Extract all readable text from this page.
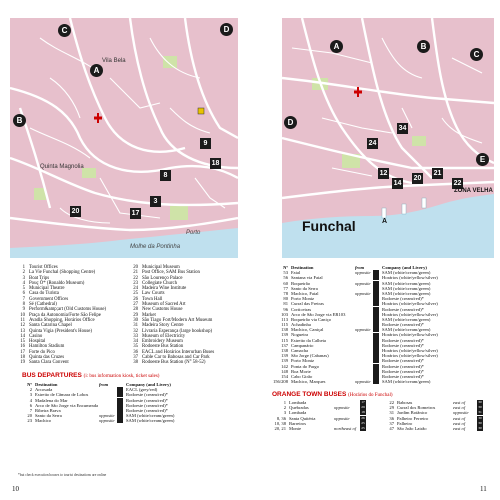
A
B
C	D
3
8
9
17
18
20
Vila Bela
Quinta Magnolia
Porto
Molhe da Pontinha
1 Tourist Offices
2 La Vie Funchal (Shopping Centre)
3 Boat Trips
4 Pouç Ó* (Ronaldo Museum)
5 Municipal Theatre
6 Casa do Turista
7 Government Offices
8 Sé (Cathedral)
9 Perform&amp;art (Old Customs House)
10 Praça da Autonomia/Forte São Felipe
11 Avadla Shopping, Horários Office
12 Santa Catarina Chapel
13 Quinta Vigia (President's House)
14 Casino
15 Hospital
16 Hamilton Stadium
17 Forte do Pico
18 Quinta das Cruzes
19 Santa Clara Convent
20 Municipal Museum
21 Post Office, SAM Bus Station
22 São Lourenço Palace
23 Collegiate Church
24 Madeira Wine Institute
25 Law Courts
26 Town Hall
27 Museum of Sacred Art
28 New Customs House
29 Market
30 São Tiago Fort/Modern Art Museum
31 Madeira Story Centre
32 Livraria Esperança (large bookshop)
33 Museum of Electricity
34 Embroidery Museum
35 Rodoeste Bus Station
36 EACL and Horários Interurban Buses
37 Cable Car to Babosas and Car Park
38 Rodoeste Bus Station (N° 58-52)
BUS DEPARTURES (i: bus information kiosk, ticket sales)
Nº Destination	from	Company (and Livery)
2 Arcosada	EACL (grey/red)
3 Estreito de Câmara de Lobos	Rodoeste (cream/red)*
4 Madalena do Mar	Rodoeste (cream/red)*
6 Arco de São Jorge via Encumeada	Rodoeste (cream/red)*
7 Ribeira Brava	Rodoeste (cream/red)*
20 Santo da Serra	opposite	SAM (white/cream/green)
23 Machico	opposite	SAM (white/cream/green)
*but check execution houses to tourist destinations are online
10
A	B
C
D
E
12
14
20
21
22
24
34
Funchal
ZONA VELHA
A
Nº Destination	from	Company (and Livery)
53 Faial	opposite	SAM (white/cream/green)
56 Santana via Faial	Horários (white/yellow/silver)
60 Boqueirão	opposite	SAM (white/cream/green)
77 Santo da Serra	SAM (white/cream/green)
78 Machico, Faial	opposite	SAM (white/cream/green)
80 Porto Moniz	Rodoeste (cream/red)*
81 Curral das Freiras	Horários (white/yellow/silver)
96 Corticeiras	Rodoeste (cream/red)*
103 Arco de São Jorge via ER103	Horários (white/yellow/silver)
113 Boqueirão via Caniço	SAM (white/cream/green)
115 Achadinha	Rodoeste (cream/red)*
138 Machico, Caniçal	opposite	SAM (white/cream/green)
139 Nogueira	Horários (white/yellow/silver)
115 Estreito da Calheta	Rodoeste (cream/red)*
137 Campanário	Rodoeste (cream/red)*
138 Camacha	Horários (white/yellow/silver)
139 São Jorge (Cabanas)	Horários (white/yellow/silver)
139 Porto Moniz	Rodoeste (cream/red)*
142 Ponta do Pargo	Rodoeste (cream/red)*
148 Boa Morte	Rodoeste (cream/red)*
154 Cabo Girão	Rodoeste (cream/red)*
156/208 Machico, Marques	opposite	SAM (white/cream/green)
ORANGE TOWN BUSES (Horários do Funchal)
1 Lombada	17
2 Quebradas	opposite	29
3 Lombada	18
8, 36 Santa Quitéria	opposite	26
10, 38 Barreiros	25
20, 21 Monte	northeast of	25
22 Babosas	east of	30
29 Curral dos Romeiros	east of	30
31 Jardim Botânico	opposite	31
36 Palheiro Ferreiro	east of	30
37 Palheiro	east of	30
47 São João Latrão	east of	30
11
